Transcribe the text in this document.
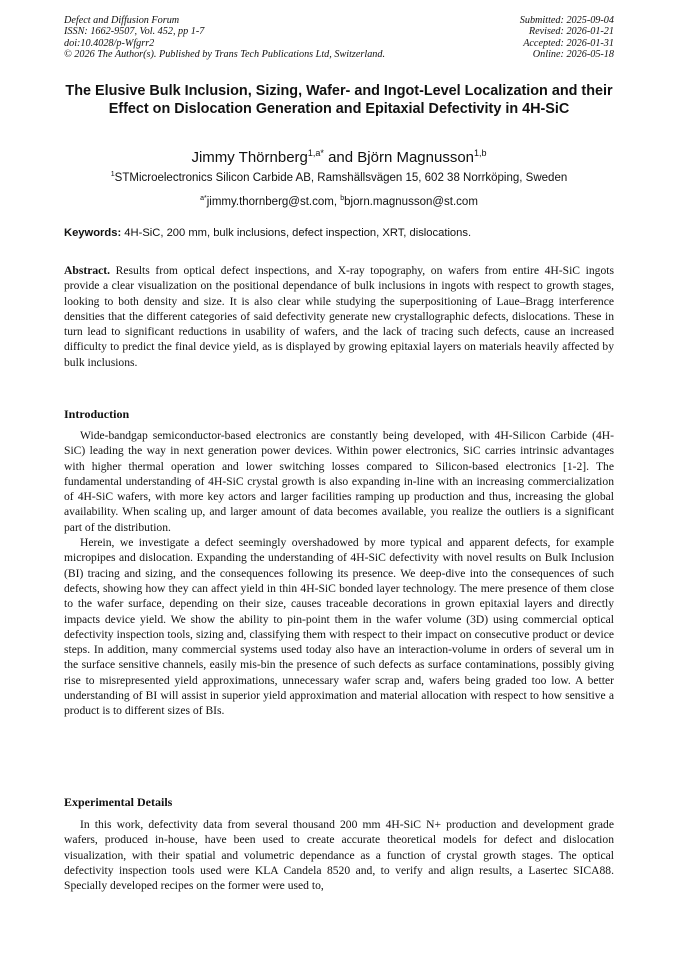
Defect and Diffusion Forum
ISSN: 1662-9507, Vol. 452, pp 1-7
doi:10.4028/p-Wfgrr2
© 2026 The Author(s). Published by Trans Tech Publications Ltd, Switzerland.
Submitted: 2025-09-04
Revised: 2026-01-21
Accepted: 2026-01-31
Online: 2026-05-18
The Elusive Bulk Inclusion, Sizing, Wafer- and Ingot-Level Localization and their Effect on Dislocation Generation and Epitaxial Defectivity in 4H-SiC
Jimmy Thörnberg$^{1,a*}$ and Björn Magnusson$^{1,b}$
$^1$STMicroelectronics Silicon Carbide AB, Ramshällsvägen 15, 602 38 Norrköping, Sweden
$^{a*}$jimmy.thornberg@st.com, $^b$bjorn.magnusson@st.com
Keywords: 4H-SiC, 200 mm, bulk inclusions, defect inspection, XRT, dislocations.

Abstract. Results from optical defect inspections, and X-ray topography, on wafers from entire 4H-SiC ingots provide a clear visualization on the positional dependance of bulk inclusions in ingots with respect to growth stages, looking to both density and size. It is also clear while studying the superpositioning of Laue–Bragg interference densities that the different categories of said defectivity generate new crystallographic defects, dislocations. These in turn lead to significant reductions in usability of wafers, and the lack of tracing such defects, cause an increased difficulty to predict the final device yield, as is displayed by growing epitaxial layers on materials heavily affected by bulk inclusions.

Introduction

Wide-bandgap semiconductor-based electronics are constantly being developed, with 4H-Silicon Carbide (4H-SiC) leading the way in next generation power devices. Within power electronics, SiC carries intrinsic advantages with higher thermal operation and lower switching losses compared to Silicon-based electronics [1-2]. The fundamental understanding of 4H-SiC crystal growth is also expanding in-line with an increasing commercialization of 4H-SiC wafers, with more key actors and larger facilities ramping up production and thus, increasing the global availability. When scaling up, and larger amount of data becomes available, you realize the outliers is a significant part of the distribution.

Herein, we investigate a defect seemingly overshadowed by more typical and apparent defects, for example micropipes and dislocation. Expanding the understanding of 4H-SiC defectivity with novel results on Bulk Inclusion (BI) tracing and sizing, and the consequences following its presence. We deep-dive into the consequences of such defects, showing how they can affect yield in thin 4H-SiC bonded layer technology. The mere presence of them close to the wafer surface, depending on their size, causes traceable decorations in grown epitaxial layers and directly impacts device yield. We show the ability to pin-point them in the wafer volume (3D) using commercial optical defectivity inspection tools, sizing and, classifying them with respect to their impact on consecutive product or device steps. In addition, many commercial systems used today also have an interaction-volume in orders of several um in the surface sensitive channels, easily mis-bin the presence of such defects as surface contaminations, possibly giving rise to misrepresented yield approximations, unnecessary wafer scrap and, wafers being graded too low. A better understanding of BI will assist in superior yield approximation and material allocation with respect to how sensitive a product is to different sizes of BIs.

Experimental Details

In this work, defectivity data from several thousand 200 mm 4H-SiC N+ production and development grade wafers, produced in-house, have been used to create accurate theoretical models for defect and dislocation visualization, with their spatial and volumetric dependance as a function of crystal growth stages. The optical defectivity inspection tools used were KLA Candela 8520 and, to verify and align results, a Lasertec SICA88. Specially developed recipes on the former were used to,
